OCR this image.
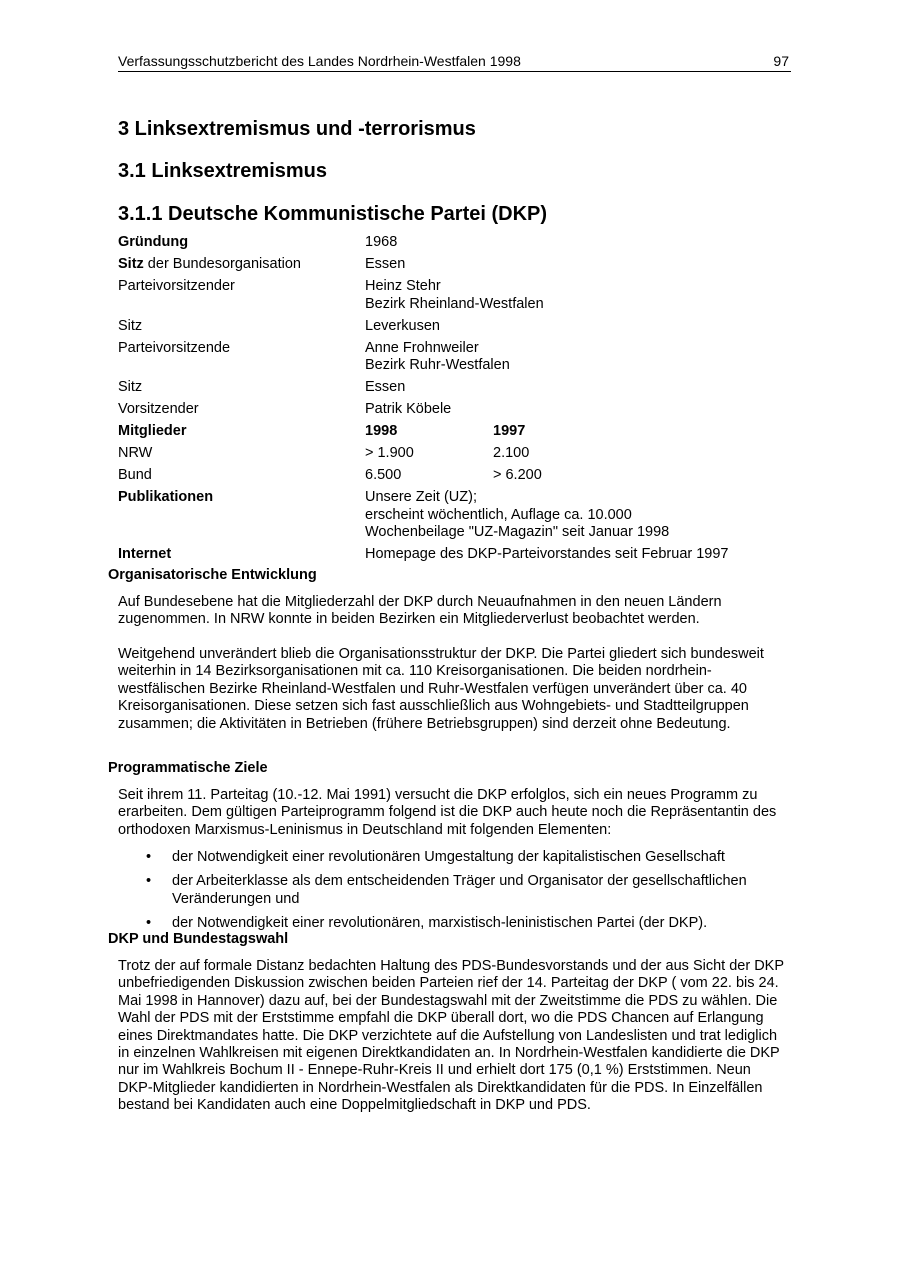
Verfassungsschutzbericht des Landes Nordrhein-Westfalen 1998	97
3 Linksextremismus und -terrorismus
3.1 Linksextremismus
3.1.1 Deutsche Kommunistische Partei (DKP)
Gründung	1968
Sitz der Bundesorganisation	Essen
Parteivorsitzender	Heinz Stehr
Bezirk Rheinland-Westfalen
Sitz	Leverkusen
Parteivorsitzende	Anne Frohnweiler
Bezirk Ruhr-Westfalen
Sitz	Essen
Vorsitzender	Patrik Köbele
Mitglieder	1998	1997
NRW	> 1.900	2.100
Bund	6.500	> 6.200
Publikationen	Unsere Zeit (UZ);
erscheint wöchentlich, Auflage ca. 10.000
Wochenbeilage "UZ-Magazin" seit Januar 1998
Internet	Homepage des DKP-Parteivorstandes seit Februar 1997
Organisatorische Entwicklung

Auf Bundesebene hat die Mitgliederzahl der DKP durch Neuaufnahmen in den neuen Ländern zugenommen. In NRW konnte in beiden Bezirken ein Mitgliederverlust beobachtet werden.

Weitgehend unverändert blieb die Organisationsstruktur der DKP. Die Partei gliedert sich bundesweit weiterhin in 14 Bezirksorganisationen mit ca. 110 Kreisorganisationen. Die beiden nordrhein-westfälischen Bezirke Rheinland-Westfalen und Ruhr-Westfalen verfügen unverändert über ca. 40 Kreisorganisationen. Diese setzen sich fast ausschließlich aus Wohngebiets- und Stadtteilgruppen zusammen; die Aktivitäten in Betrieben (frühere Betriebsgruppen) sind derzeit ohne Bedeutung.

Programmatische Ziele

Seit ihrem 11. Parteitag (10.-12. Mai 1991) versucht die DKP erfolglos, sich ein neues Programm zu erarbeiten. Dem gültigen Parteiprogramm folgend ist die DKP auch heute noch die Repräsentantin des orthodoxen Marxismus-Leninismus in Deutschland mit folgenden Elementen:

• der Notwendigkeit einer revolutionären Umgestaltung der kapitalistischen Gesellschaft
• der Arbeiterklasse als dem entscheidenden Träger und Organisator der gesellschaftlichen Veränderungen und
• der Notwendigkeit einer revolutionären, marxistisch-leninistischen Partei (der DKP).
DKP und Bundestagswahl

Trotz der auf formale Distanz bedachten Haltung des PDS-Bundesvorstands und der aus Sicht der DKP unbefriedigenden Diskussion zwischen beiden Parteien rief der 14. Parteitag der DKP ( vom 22. bis 24. Mai 1998 in Hannover) dazu auf, bei der Bundestagswahl mit der Zweitstimme die PDS zu wählen. Die Wahl der PDS mit der Erststimme empfahl die DKP überall dort, wo die PDS Chancen auf Erlangung eines Direktmandates hatte. Die DKP verzichtete auf die Aufstellung von Landeslisten und trat lediglich in einzelnen Wahlkreisen mit eigenen Direktkandidaten an. In Nordrhein-Westfalen kandidierte die DKP nur im Wahlkreis Bochum II - Ennepe-Ruhr-Kreis II und erhielt dort 175 (0,1 %) Erststimmen. Neun DKP-Mitglieder kandidierten in Nordrhein-Westfalen als Direktkandidaten für die PDS. In Einzelfällen bestand bei Kandidaten auch eine Doppelmitgliedschaft in DKP und PDS.
